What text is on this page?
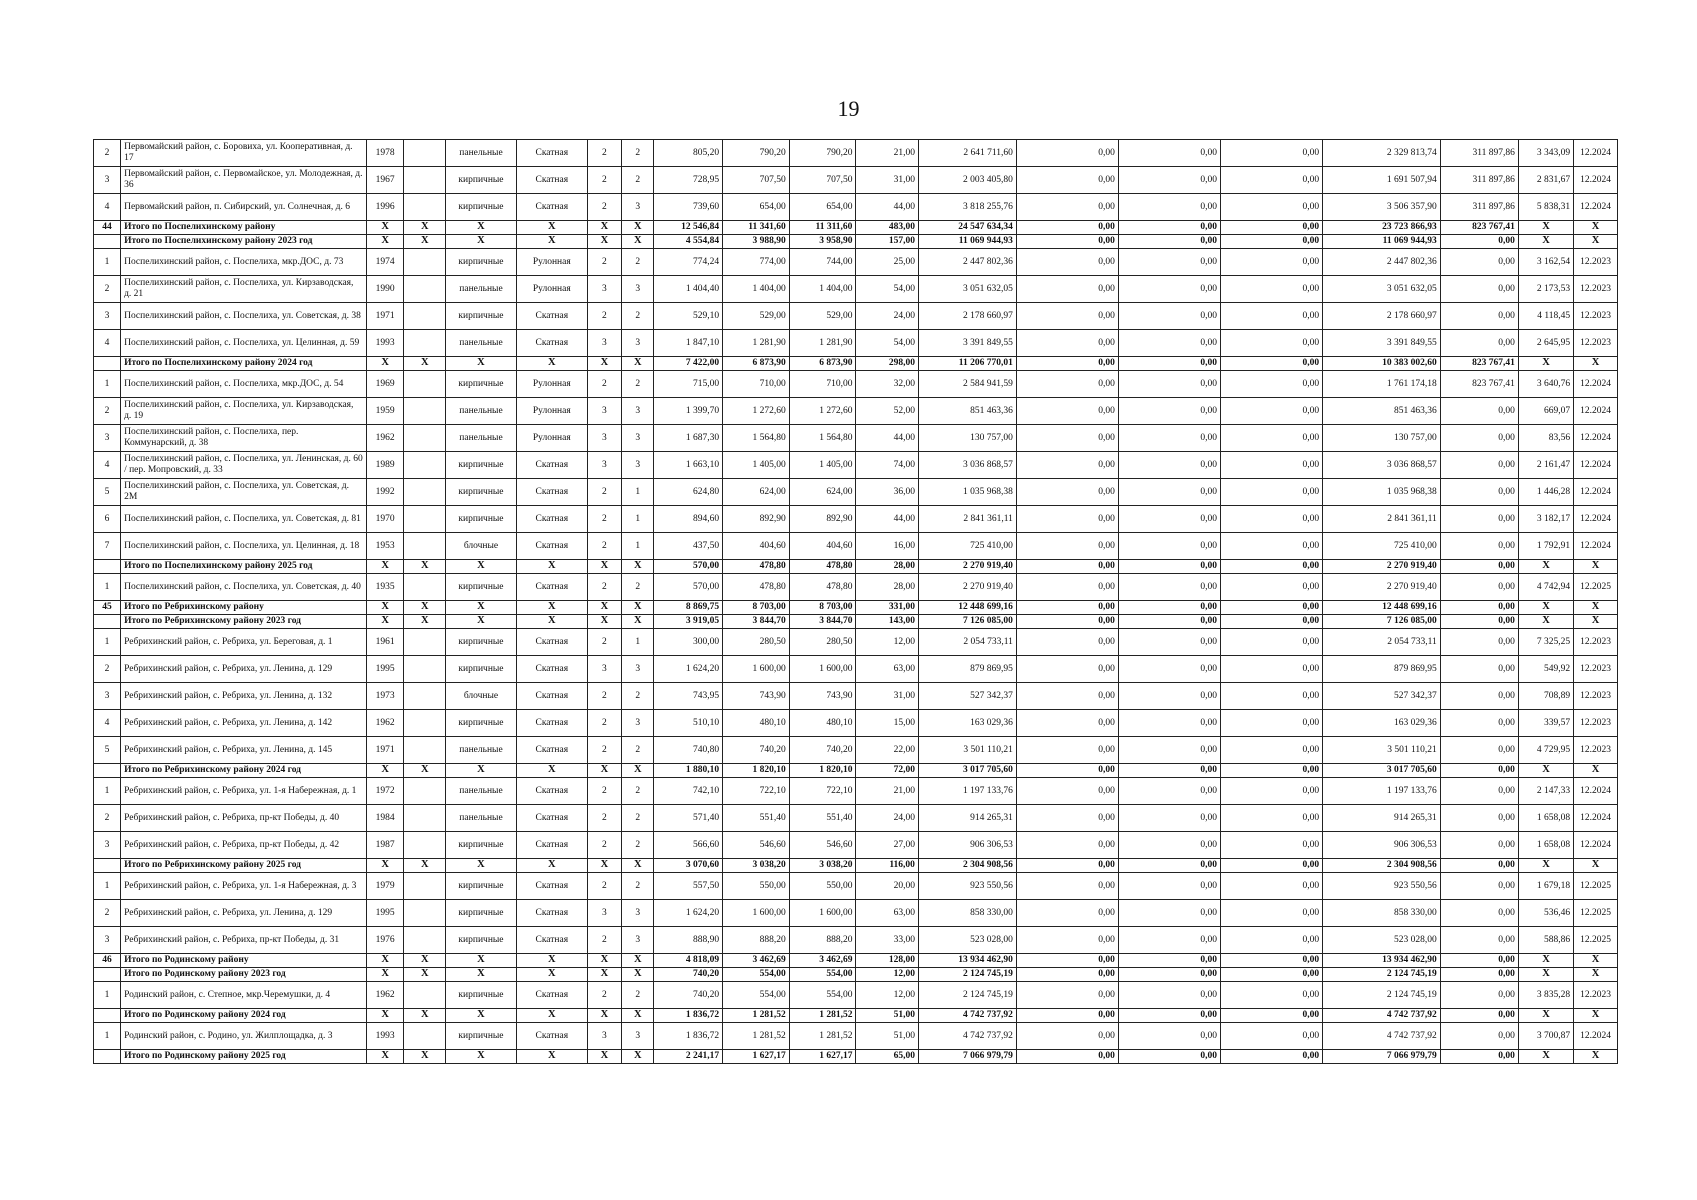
19
2	Первомайский район, с. Боровиха, ул. Кооперативная, д. 17	1978		панельные	Скатная	2	2	805,20	790,20	790,20	21,00	2 641 711,60	0,00	0,00	0,00	2 329 813,74	311 897,86	3 343,09	12.2024
3	Первомайский район, с. Первомайское, ул. Молодежная, д. 36	1967		кирпичные	Скатная	2	2	728,95	707,50	707,50	31,00	2 003 405,80	0,00	0,00	0,00	1 691 507,94	311 897,86	2 831,67	12.2024
4	Первомайский район, п. Сибирский, ул. Солнечная, д. 6	1996		кирпичные	Скатная	2	3	739,60	654,00	654,00	44,00	3 818 255,76	0,00	0,00	0,00	3 506 357,90	311 897,86	5 838,31	12.2024
44	Итого по Поспелихинскому району	X	X	X	X	X	X	12 546,84	11 341,60	11 311,60	483,00	24 547 634,34	0,00	0,00	0,00	23 723 866,93	823 767,41	X	X
	Итого по Поспелихинскому району 2023 год	X	X	X	X	X	X	4 554,84	3 988,90	3 958,90	157,00	11 069 944,93	0,00	0,00	0,00	11 069 944,93	0,00	X	X
1	Поспелихинский район, с. Поспелиха, мкр.ДОС, д. 73	1974		кирпичные	Рулонная	2	2	774,24	774,00	744,00	25,00	2 447 802,36	0,00	0,00	0,00	2 447 802,36	0,00	3 162,54	12.2023
2	Поспелихинский район, с. Поспелиха, ул. Кирзаводская, д. 21	1990		панельные	Рулонная	3	3	1 404,40	1 404,00	1 404,00	54,00	3 051 632,05	0,00	0,00	0,00	3 051 632,05	0,00	2 173,53	12.2023
3	Поспелихинский район, с. Поспелиха, ул. Советская, д. 38	1971		кирпичные	Скатная	2	2	529,10	529,00	529,00	24,00	2 178 660,97	0,00	0,00	0,00	2 178 660,97	0,00	4 118,45	12.2023
4	Поспелихинский район, с. Поспелиха, ул. Целинная, д. 59	1993		панельные	Скатная	3	3	1 847,10	1 281,90	1 281,90	54,00	3 391 849,55	0,00	0,00	0,00	3 391 849,55	0,00	2 645,95	12.2023
	Итого по Поспелихинскому району 2024 год	X	X	X	X	X	X	7 422,00	6 873,90	6 873,90	298,00	11 206 770,01	0,00	0,00	0,00	10 383 002,60	823 767,41	X	X
1	Поспелихинский район, с. Поспелиха, мкр.ДОС, д. 54	1969		кирпичные	Рулонная	2	2	715,00	710,00	710,00	32,00	2 584 941,59	0,00	0,00	0,00	1 761 174,18	823 767,41	3 640,76	12.2024
2	Поспелихинский район, с. Поспелиха, ул. Кирзаводская, д. 19	1959		панельные	Рулонная	3	3	1 399,70	1 272,60	1 272,60	52,00	851 463,36	0,00	0,00	0,00	851 463,36	0,00	669,07	12.2024
3	Поспелихинский район, с. Поспелиха, пер. Коммунарский, д. 38	1962		панельные	Рулонная	3	3	1 687,30	1 564,80	1 564,80	44,00	130 757,00	0,00	0,00	0,00	130 757,00	0,00	83,56	12.2024
4	Поспелихинский район, с. Поспелиха, ул. Ленинская, д. 60 / пер. Мопровский, д. 33	1989		кирпичные	Скатная	3	3	1 663,10	1 405,00	1 405,00	74,00	3 036 868,57	0,00	0,00	0,00	3 036 868,57	0,00	2 161,47	12.2024
5	Поспелихинский район, с. Поспелиха, ул. Советская, д. 2М	1992		кирпичные	Скатная	2	1	624,80	624,00	624,00	36,00	1 035 968,38	0,00	0,00	0,00	1 035 968,38	0,00	1 446,28	12.2024
6	Поспелихинский район, с. Поспелиха, ул. Советская, д. 81	1970		кирпичные	Скатная	2	1	894,60	892,90	892,90	44,00	2 841 361,11	0,00	0,00	0,00	2 841 361,11	0,00	3 182,17	12.2024
7	Поспелихинский район, с. Поспелиха, ул. Целинная, д. 18	1953		блочные	Скатная	2	1	437,50	404,60	404,60	16,00	725 410,00	0,00	0,00	0,00	725 410,00	0,00	1 792,91	12.2024
	Итого по Поспелихинскому району 2025 год	X	X	X	X	X	X	570,00	478,80	478,80	28,00	2 270 919,40	0,00	0,00	0,00	2 270 919,40	0,00	X	X
1	Поспелихинский район, с. Поспелиха, ул. Советская, д. 40	1935		кирпичные	Скатная	2	2	570,00	478,80	478,80	28,00	2 270 919,40	0,00	0,00	0,00	2 270 919,40	0,00	4 742,94	12.2025
45	Итого по Ребрихинскому району	X	X	X	X	X	X	8 869,75	8 703,00	8 703,00	331,00	12 448 699,16	0,00	0,00	0,00	12 448 699,16	0,00	X	X
	Итого по Ребрихинскому району 2023 год	X	X	X	X	X	X	3 919,05	3 844,70	3 844,70	143,00	7 126 085,00	0,00	0,00	0,00	7 126 085,00	0,00	X	X
1	Ребрихинский район, с. Ребриха, ул. Береговая, д. 1	1961		кирпичные	Скатная	2	1	300,00	280,50	280,50	12,00	2 054 733,11	0,00	0,00	0,00	2 054 733,11	0,00	7 325,25	12.2023
2	Ребрихинский район, с. Ребриха, ул. Ленина, д. 129	1995		кирпичные	Скатная	3	3	1 624,20	1 600,00	1 600,00	63,00	879 869,95	0,00	0,00	0,00	879 869,95	0,00	549,92	12.2023
3	Ребрихинский район, с. Ребриха, ул. Ленина, д. 132	1973		блочные	Скатная	2	2	743,95	743,90	743,90	31,00	527 342,37	0,00	0,00	0,00	527 342,37	0,00	708,89	12.2023
4	Ребрихинский район, с. Ребриха, ул. Ленина, д. 142	1962		кирпичные	Скатная	2	3	510,10	480,10	480,10	15,00	163 029,36	0,00	0,00	0,00	163 029,36	0,00	339,57	12.2023
5	Ребрихинский район, с. Ребриха, ул. Ленина, д. 145	1971		панельные	Скатная	2	2	740,80	740,20	740,20	22,00	3 501 110,21	0,00	0,00	0,00	3 501 110,21	0,00	4 729,95	12.2023
	Итого по Ребрихинскому району 2024 год	X	X	X	X	X	X	1 880,10	1 820,10	1 820,10	72,00	3 017 705,60	0,00	0,00	0,00	3 017 705,60	0,00	X	X
1	Ребрихинский район, с. Ребриха, ул. 1-я Набережная, д. 1	1972		панельные	Скатная	2	2	742,10	722,10	722,10	21,00	1 197 133,76	0,00	0,00	0,00	1 197 133,76	0,00	2 147,33	12.2024
2	Ребрихинский район, с. Ребриха, пр-кт Победы, д. 40	1984		панельные	Скатная	2	2	571,40	551,40	551,40	24,00	914 265,31	0,00	0,00	0,00	914 265,31	0,00	1 658,08	12.2024
3	Ребрихинский район, с. Ребриха, пр-кт Победы, д. 42	1987		кирпичные	Скатная	2	2	566,60	546,60	546,60	27,00	906 306,53	0,00	0,00	0,00	906 306,53	0,00	1 658,08	12.2024
	Итого по Ребрихинскому району 2025 год	X	X	X	X	X	X	3 070,60	3 038,20	3 038,20	116,00	2 304 908,56	0,00	0,00	0,00	2 304 908,56	0,00	X	X
1	Ребрихинский район, с. Ребриха, ул. 1-я Набережная, д. 3	1979		кирпичные	Скатная	2	2	557,50	550,00	550,00	20,00	923 550,56	0,00	0,00	0,00	923 550,56	0,00	1 679,18	12.2025
2	Ребрихинский район, с. Ребриха, ул. Ленина, д. 129	1995		кирпичные	Скатная	3	3	1 624,20	1 600,00	1 600,00	63,00	858 330,00	0,00	0,00	0,00	858 330,00	0,00	536,46	12.2025
3	Ребрихинский район, с. Ребриха, пр-кт Победы, д. 31	1976		кирпичные	Скатная	2	3	888,90	888,20	888,20	33,00	523 028,00	0,00	0,00	0,00	523 028,00	0,00	588,86	12.2025
46	Итого по Родинскому району	X	X	X	X	X	X	4 818,09	3 462,69	3 462,69	128,00	13 934 462,90	0,00	0,00	0,00	13 934 462,90	0,00	X	X
	Итого по Родинскому району 2023 год	X	X	X	X	X	X	740,20	554,00	554,00	12,00	2 124 745,19	0,00	0,00	0,00	2 124 745,19	0,00	X	X
1	Родинский район, с. Степное, мкр.Черемушки, д. 4	1962		кирпичные	Скатная	2	2	740,20	554,00	554,00	12,00	2 124 745,19	0,00	0,00	0,00	2 124 745,19	0,00	3 835,28	12.2023
	Итого по Родинскому району 2024 год	X	X	X	X	X	X	1 836,72	1 281,52	1 281,52	51,00	4 742 737,92	0,00	0,00	0,00	4 742 737,92	0,00	X	X
1	Родинский район, с. Родино, ул. Жилплощадка, д. 3	1993		кирпичные	Скатная	3	3	1 836,72	1 281,52	1 281,52	51,00	4 742 737,92	0,00	0,00	0,00	4 742 737,92	0,00	3 700,87	12.2024
	Итого по Родинскому району 2025 год	X	X	X	X	X	X	2 241,17	1 627,17	1 627,17	65,00	7 066 979,79	0,00	0,00	0,00	7 066 979,79	0,00	X	X
